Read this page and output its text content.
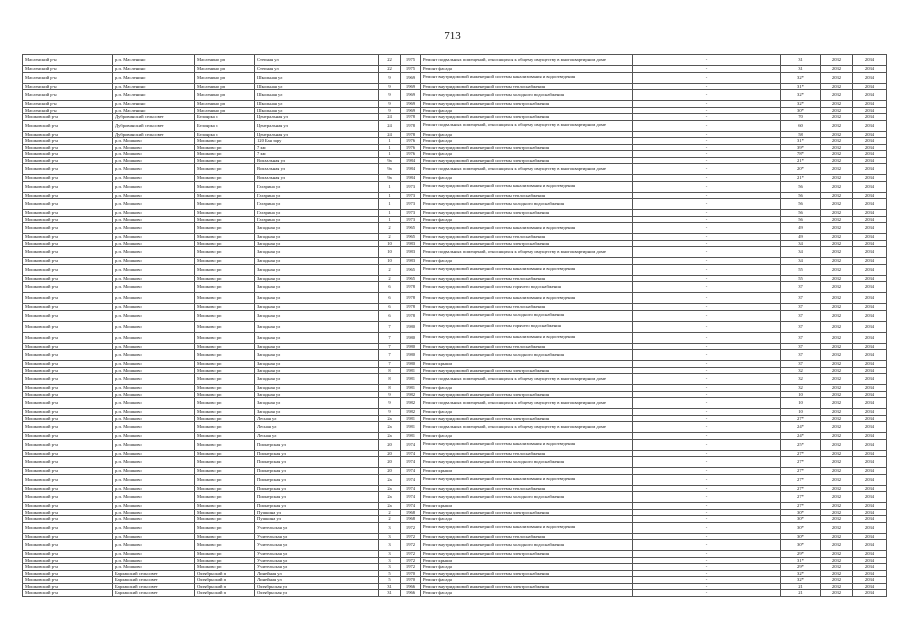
713
Масленский р-н	р.п. Масленино	Масленино рп	Степная ул	22	1975	Ремонт подвальных помещений, относящихся к общему имуществу в многоквартирном доме	-	31	2032	2034
Масленский р-н	р.п. Масленино	Масленино рп	Степная ул	22	1975	Ремонт фасада	-	31	2032	2034
Масленский р-н	р.п. Масленино	Масленино рп	Школьная ул	9	1969	Ремонт внутридомовой инженерной системы канализования и водоотведения	-	32*	2032	2034
Масленский р-н	р.п. Масленино	Масленино рп	Школьная ул	9	1969	Ремонт внутридомовой инженерной системы теплоснабжения	-	31*	2032	2034
Масленский р-н	р.п. Масленино	Масленино рп	Школьная ул	9	1969	Ремонт внутридомовой инженерной системы холодного водоснабжения	-	32*	2032	2034
Масленский р-н	р.п. Масленино	Масленино рп	Школьная ул	9	1969	Ремонт внутридомовой инженерной системы электроснабжения	-	32*	2032	2034
Масленский р-н	р.п. Масленино	Масленино рп	Школьная ул	9	1969	Ремонт фасада	-	30*	2032	2034
Мошковский р-н	Дубровинский сельсовет	Белоярка с	Центральная ул	24	1978	Ремонт внутридомовой инженерной системы электроснабжения	-	70	2032	2034
Мошковский р-н	Дубровинский сельсовет	Белоярка с	Центральная ул	24	1978	Ремонт подвальных помещений, относящихся к общему имуществу в многоквартирном доме	-	60	2032	2034
Мошковский р-н	Дубровинский сельсовет	Белоярка с	Центральная ул	24	1978	Ремонт фасада	-	58	2032	2034
Мошковский р-н	р.п. Мошково	Мошково рп	120 Бая зару	1	1976	Ремонт фасада	-	31*	2032	2034
Мошковский р-н	р.п. Мошково	Мошково рп	7 км	1	1976	Ремонт внутридомовой инженерной системы электроснабжения	-	39*	2032	2034
Мошковский р-н	р.п. Мошково	Мошково рп	7 км	1	1976	Ремонт фасада	-	78*	2032	2034
Мошковский р-н	р.п. Мошково	Мошково рп	Вокзальная ул	9а	1984	Ремонт внутридомовой инженерной системы электроснабжения	-	21*	2032	2034
Мошковский р-н	р.п. Мошково	Мошково рп	Вокзальная ул	9а	1984	Ремонт подвальных помещений, относящихся к общему имуществу в многоквартирном доме	-	20*	2032	2034
Мошковский р-н	р.п. Мошково	Мошково рп	Вокзальная ул	9а	1984	Ремонт фасада	-	21*	2032	2034
Мошковский р-н	р.п. Мошково	Мошково рп	Гагарина ул	1	1973	Ремонт внутридомовой инженерной системы канализования и водоотведения	-	56	2032	2034
Мошковский р-н	р.п. Мошково	Мошково рп	Гагарина ул	1	1973	Ремонт внутридомовой инженерной системы теплоснабжения	-	56	2032	2034
Мошковский р-н	р.п. Мошково	Мошково рп	Гагарина ул	1	1973	Ремонт внутридомовой инженерной системы холодного водоснабжения	-	56	2032	2034
Мошковский р-н	р.п. Мошково	Мошково рп	Гагарина ул	1	1973	Ремонт внутридомовой инженерной системы электроснабжения	-	56	2032	2034
Мошковский р-н	р.п. Мошково	Мошково рп	Гагарина ул	1	1973	Ремонт фасада	-	56	2032	2034
Мошковский р-н	р.п. Мошково	Мошково рп	Западная ул	2	1965	Ремонт внутридомовой инженерной системы канализования и водоотведения	-	49	2032	2034
Мошковский р-н	р.п. Мошково	Мошково рп	Западная ул	2	1965	Ремонт внутридомовой инженерной системы теплоснабжения	-	49	2032	2034
Мошковский р-н	р.п. Мошково	Мошково рп	Западная ул	10	1983	Ремонт внутридомовой инженерной системы электроснабжения	-	34	2032	2034
Мошковский р-н	р.п. Мошково	Мошково рп	Западная ул	10	1983	Ремонт подвальных помещений, относящихся к общему имуществу в многоквартирном доме	-	34	2032	2034
Мошковский р-н	р.п. Мошково	Мошково рп	Западная ул	10	1983	Ремонт фасада	-	34	2032	2034
Мошковский р-н	р.п. Мошково	Мошково рп	Западная ул	2	1965	Ремонт внутридомовой инженерной системы канализования и водоотведения	-	55	2032	2034
Мошковский р-н	р.п. Мошково	Мошково рп	Западная ул	2	1965	Ремонт внутридомовой инженерной системы теплоснабжения	-	55	2032	2034
Мошковский р-н	р.п. Мошково	Мошково рп	Западная ул	6	1978	Ремонт внутридомовой инженерной системы горячего водоснабжения	-	37	2032	2034
Мошковский р-н	р.п. Мошково	Мошково рп	Западная ул	6	1978	Ремонт внутридомовой инженерной системы канализования и водоотведения	-	37	2032	2034
Мошковский р-н	р.п. Мошково	Мошково рп	Западная ул	6	1978	Ремонт внутридомовой инженерной системы теплоснабжения	-	37	2032	2034
Мошковский р-н	р.п. Мошково	Мошково рп	Западная ул	6	1978	Ремонт внутридомовой инженерной системы холодного водоснабжения	-	37	2032	2034
Мошковский р-н	р.п. Мошково	Мошково рп	Западная ул	7	1980	Ремонт внутридомовой инженерной системы горячего водоснабжения	-	37	2032	2034
Мошковский р-н	р.п. Мошково	Мошково рп	Западная ул	7	1980	Ремонт внутридомовой инженерной системы канализования и водоотведения	-	37	2032	2034
Мошковский р-н	р.п. Мошково	Мошково рп	Западная ул	7	1980	Ремонт внутридомовой инженерной системы теплоснабжения	-	37	2032	2034
Мошковский р-н	р.п. Мошково	Мошково рп	Западная ул	7	1980	Ремонт внутридомовой инженерной системы холодного водоснабжения	-	37	2032	2034
Мошковский р-н	р.п. Мошково	Мошково рп	Западная ул	7	1980	Ремонт крыши	-	37	2032	2034
Мошковский р-н	р.п. Мошково	Мошково рп	Западная ул	8	1981	Ремонт внутридомовой инженерной системы электроснабжения	-	32	2032	2034
Мошковский р-н	р.п. Мошково	Мошково рп	Западная ул	8	1981	Ремонт подвальных помещений, относящихся к общему имуществу в многоквартирном доме	-	32	2032	2034
Мошковский р-н	р.п. Мошково	Мошково рп	Западная ул	8	1981	Ремонт фасада	-	32	2032	2034
Мошковский р-н	р.п. Мошково	Мошково рп	Западная ул	9	1982	Ремонт внутридомовой инженерной системы электроснабжения	-	10	2032	2034
Мошковский р-н	р.п. Мошково	Мошково рп	Западная ул	9	1982	Ремонт подвальных помещений, относящихся к общему имуществу в многоквартирном доме	-	10	2032	2034
Мошковский р-н	р.п. Мошково	Мошково рп	Западная ул	9	1982	Ремонт фасада	-	10	2032	2034
Мошковский р-н	р.п. Мошково	Мошково рп	Лесная ул	2а	1981	Ремонт внутридомовой инженерной системы электроснабжения	-	27*	2032	2034
Мошковский р-н	р.п. Мошково	Мошково рп	Лесная ул	2а	1981	Ремонт подвальных помещений, относящихся к общему имуществу в многоквартирном доме	-	24*	2032	2034
Мошковский р-н	р.п. Мошково	Мошково рп	Лесная ул	2а	1981	Ремонт фасада	-	24*	2032	2034
Мошковский р-н	р.п. Мошково	Мошково рп	Пионерская ул	20	1974	Ремонт внутридомовой инженерной системы канализования и водоотведения	-	25*	2032	2034
Мошковский р-н	р.п. Мошково	Мошково рп	Пионерская ул	20	1974	Ремонт внутридомовой инженерной системы теплоснабжения	-	27*	2032	2034
Мошковский р-н	р.п. Мошково	Мошково рп	Пионерская ул	20	1974	Ремонт внутридомовой инженерной системы холодного водоснабжения	-	27*	2032	2034
Мошковский р-н	р.п. Мошково	Мошково рп	Пионерская ул	20	1974	Ремонт крыши	-	27*	2032	2034
Мошковский р-н	р.п. Мошково	Мошково рп	Пионерская ул	2а	1974	Ремонт внутридомовой инженерной системы канализования и водоотведения	-	27*	2032	2034
Мошковский р-н	р.п. Мошково	Мошково рп	Пионерская ул	2а	1974	Ремонт внутридомовой инженерной системы теплоснабжения	-	27*	2032	2034
Мошковский р-н	р.п. Мошково	Мошково рп	Пионерская ул	2а	1974	Ремонт внутридомовой инженерной системы холодного водоснабжения	-	27*	2032	2034
Мошковский р-н	р.п. Мошково	Мошково рп	Пионерская ул	2а	1974	Ремонт крыши	-	27*	2032	2034
Мошковский р-н	р.п. Мошково	Мошково рп	Пушкина ул	2	1968	Ремонт внутридомовой инженерной системы электроснабжения	-	30*	2032	2034
Мошковский р-н	р.п. Мошково	Мошково рп	Пушкина ул	2	1968	Ремонт фасада	-	30*	2032	2034
Мошковский р-н	р.п. Мошково	Мошково рп	Учительская ул	3	1972	Ремонт внутридомовой инженерной системы канализования и водоотведения	-	30*	2032	2034
Мошковский р-н	р.п. Мошково	Мошково рп	Учительская ул	3	1972	Ремонт внутридомовой инженерной системы теплоснабжения	-	30*	2032	2034
Мошковский р-н	р.п. Мошково	Мошково рп	Учительская ул	3	1972	Ремонт внутридомовой инженерной системы холодного водоснабжения	-	30*	2032	2034
Мошковский р-н	р.п. Мошково	Мошково рп	Учительская ул	3	1972	Ремонт внутридомовой инженерной системы электроснабжения	-	29*	2032	2034
Мошковский р-н	р.п. Мошково	Мошково рп	Учительская ул	3	1972	Ремонт крыши	-	31*	2032	2034
Мошковский р-н	р.п. Мошково	Мошково рп	Учительская ул	3	1972	Ремонт фасада	-	29*	2032	2034
Мошковский р-н	Барлакский сельсовет	Октябрьский п	Линейная ул	5	1970	Ремонт внутридомовой инженерной системы электроснабжения	-	32*	2032	2034
Мошковский р-н	Барлакский сельсовет	Октябрьский п	Линейная ул	5	1970	Ремонт фасада	-	32*	2032	2034
Мошковский р-н	Барлакский сельсовет	Октябрьский п	Октябрьская ул	31	1966	Ремонт внутридомовой инженерной системы электроснабжения	-	21	2032	2034
Мошковский р-н	Барлакский сельсовет	Октябрьский п	Октябрьская ул	31	1966	Ремонт фасада	-	21	2032	2034
